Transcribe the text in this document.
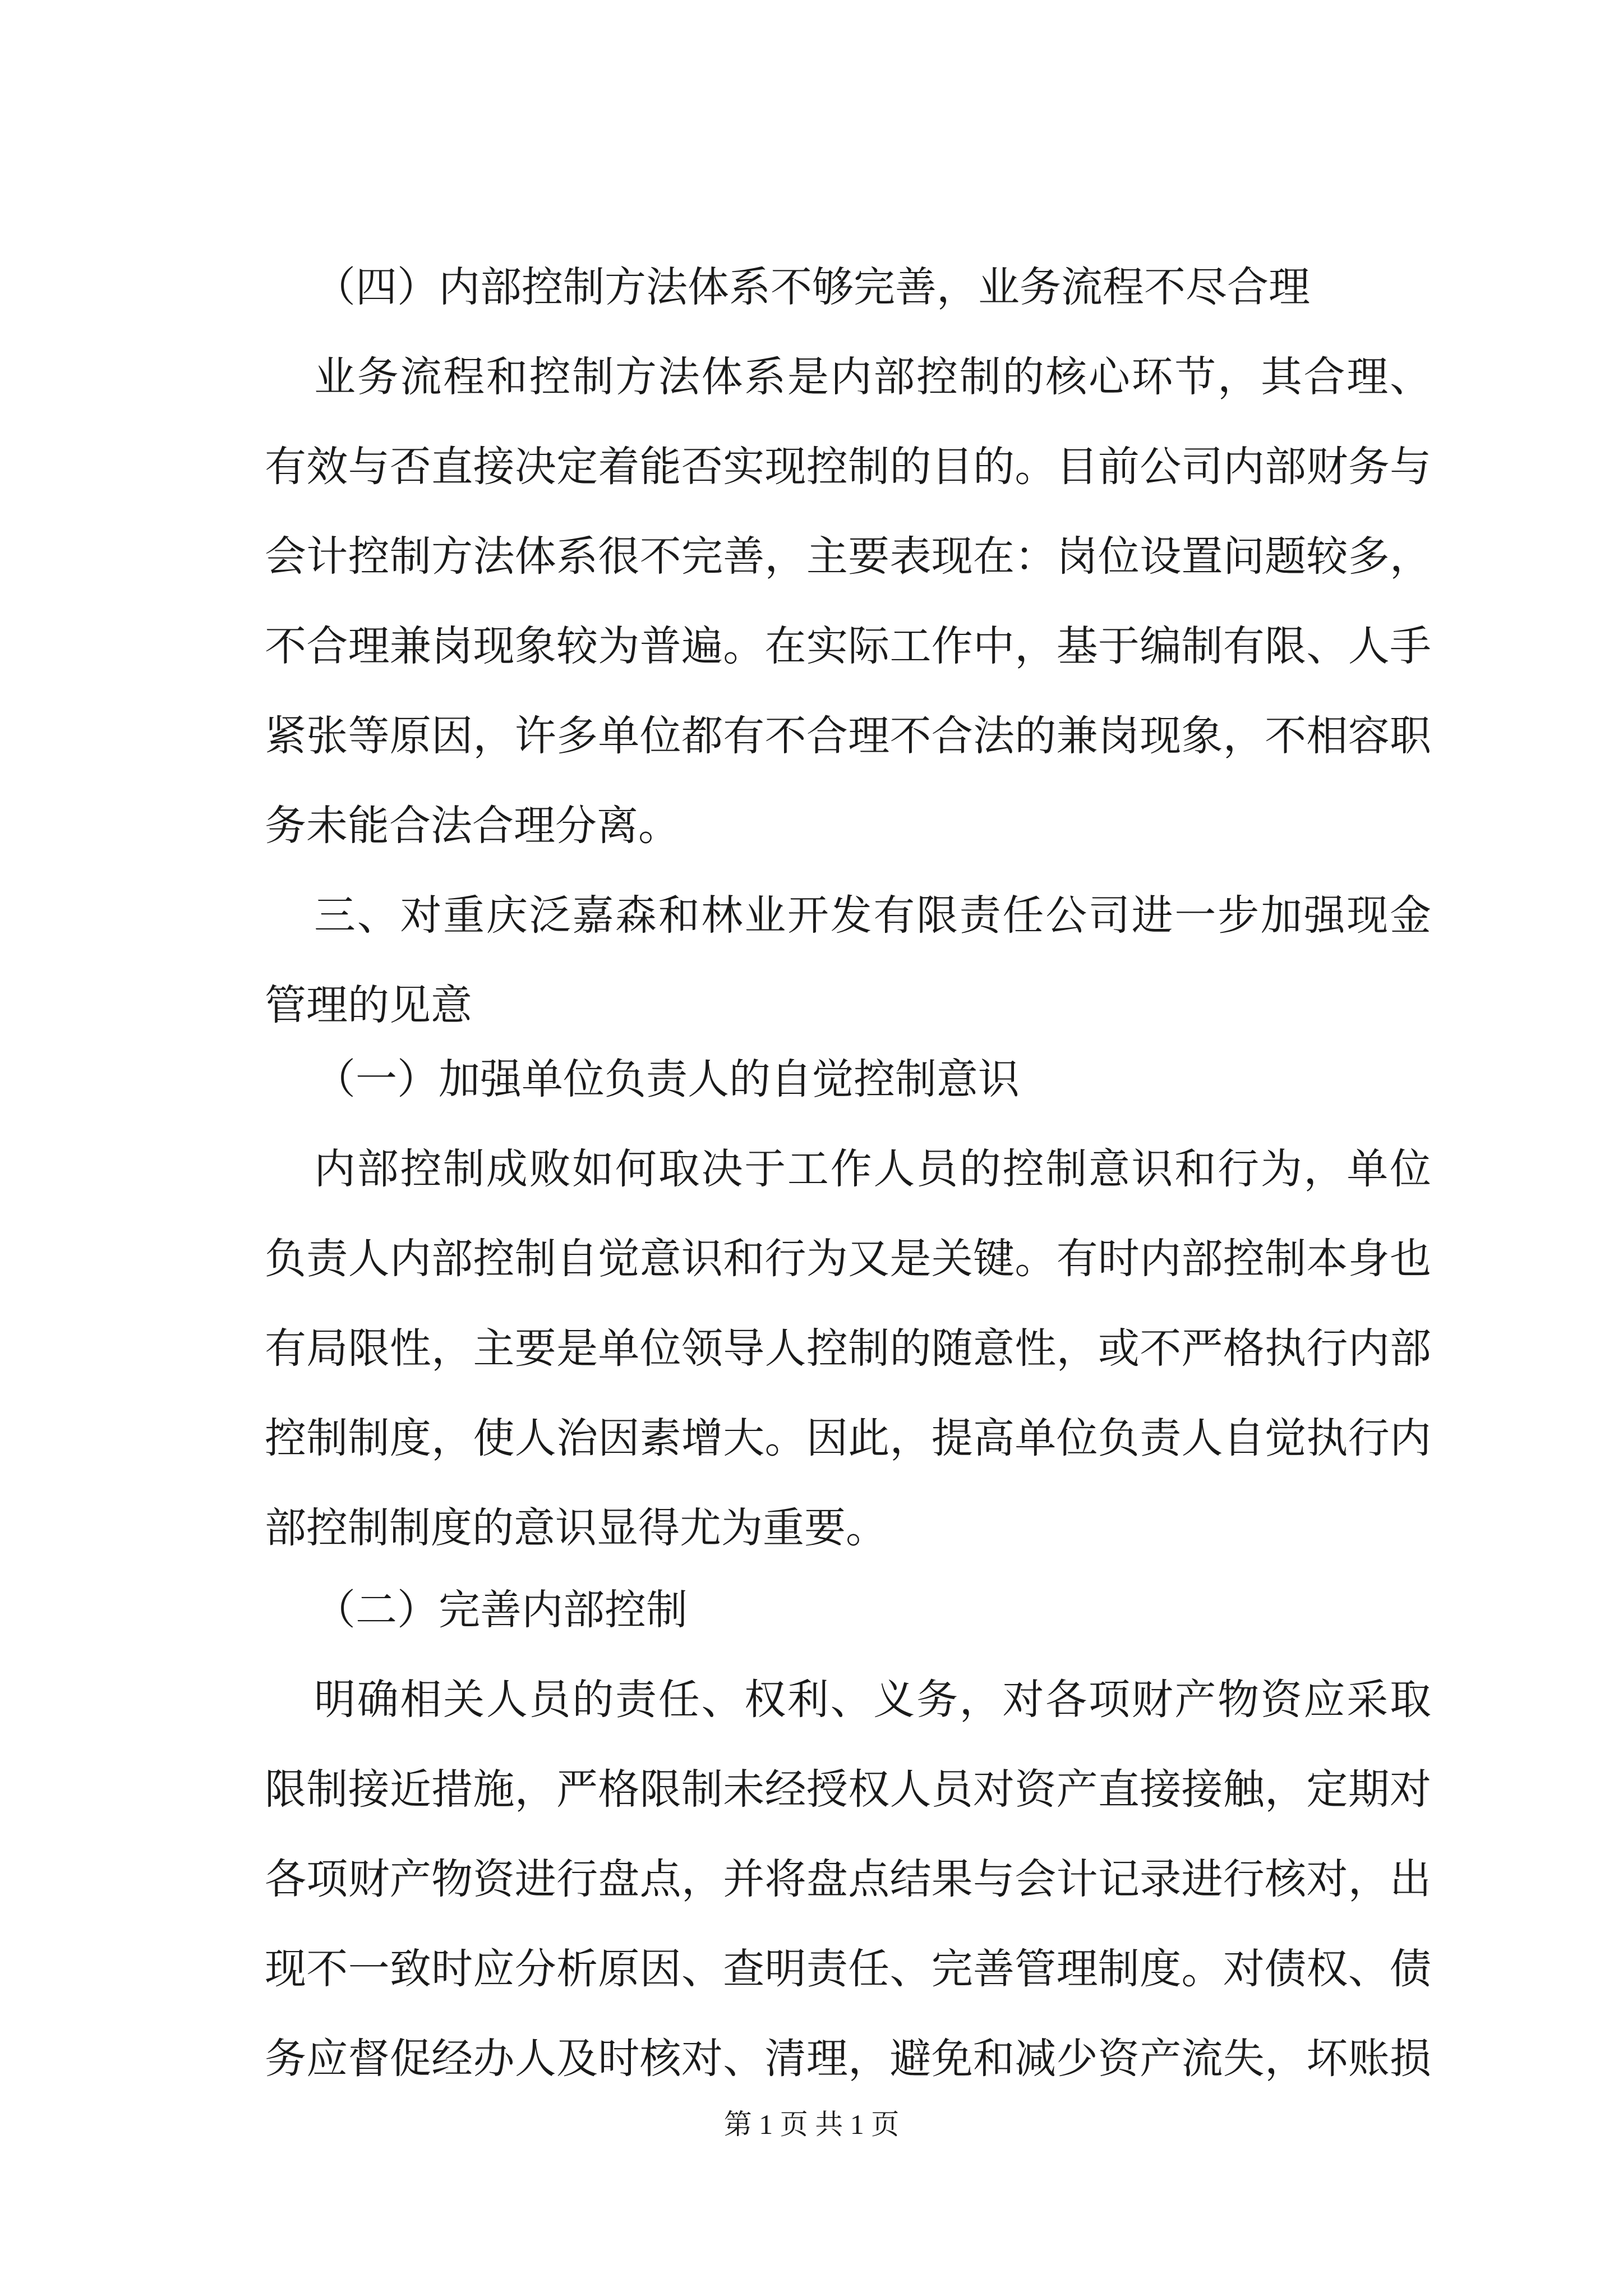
（四）内部控制方法体系不够完善，业务流程不尽合理
业务流程和控制方法体系是内部控制的核心环节，其合理、
有效与否直接决定着能否实现控制的目的。目前公司内部财务与
会计控制方法体系很不完善，主要表现在：岗位设置问题较多，
不合理兼岗现象较为普遍。在实际工作中，基于编制有限、人手
紧张等原因，许多单位都有不合理不合法的兼岗现象，不相容职
务未能合法合理分离。
三、对重庆泛嘉森和林业开发有限责任公司进一步加强现金
管理的见意
（一）加强单位负责人的自觉控制意识
内部控制成败如何取决于工作人员的控制意识和行为，单位
负责人内部控制自觉意识和行为又是关键。有时内部控制本身也
有局限性，主要是单位领导人控制的随意性，或不严格执行内部
控制制度，使人治因素增大。因此，提高单位负责人自觉执行内
部控制制度的意识显得尤为重要。
（二）完善内部控制
明确相关人员的责任、权利、义务，对各项财产物资应采取
限制接近措施，严格限制未经授权人员对资产直接接触，定期对
各项财产物资进行盘点，并将盘点结果与会计记录进行核对，出
现不一致时应分析原因、查明责任、完善管理制度。对债权、债
务应督促经办人及时核对、清理，避免和减少资产流失，坏账损
第 1 页 共 1 页
